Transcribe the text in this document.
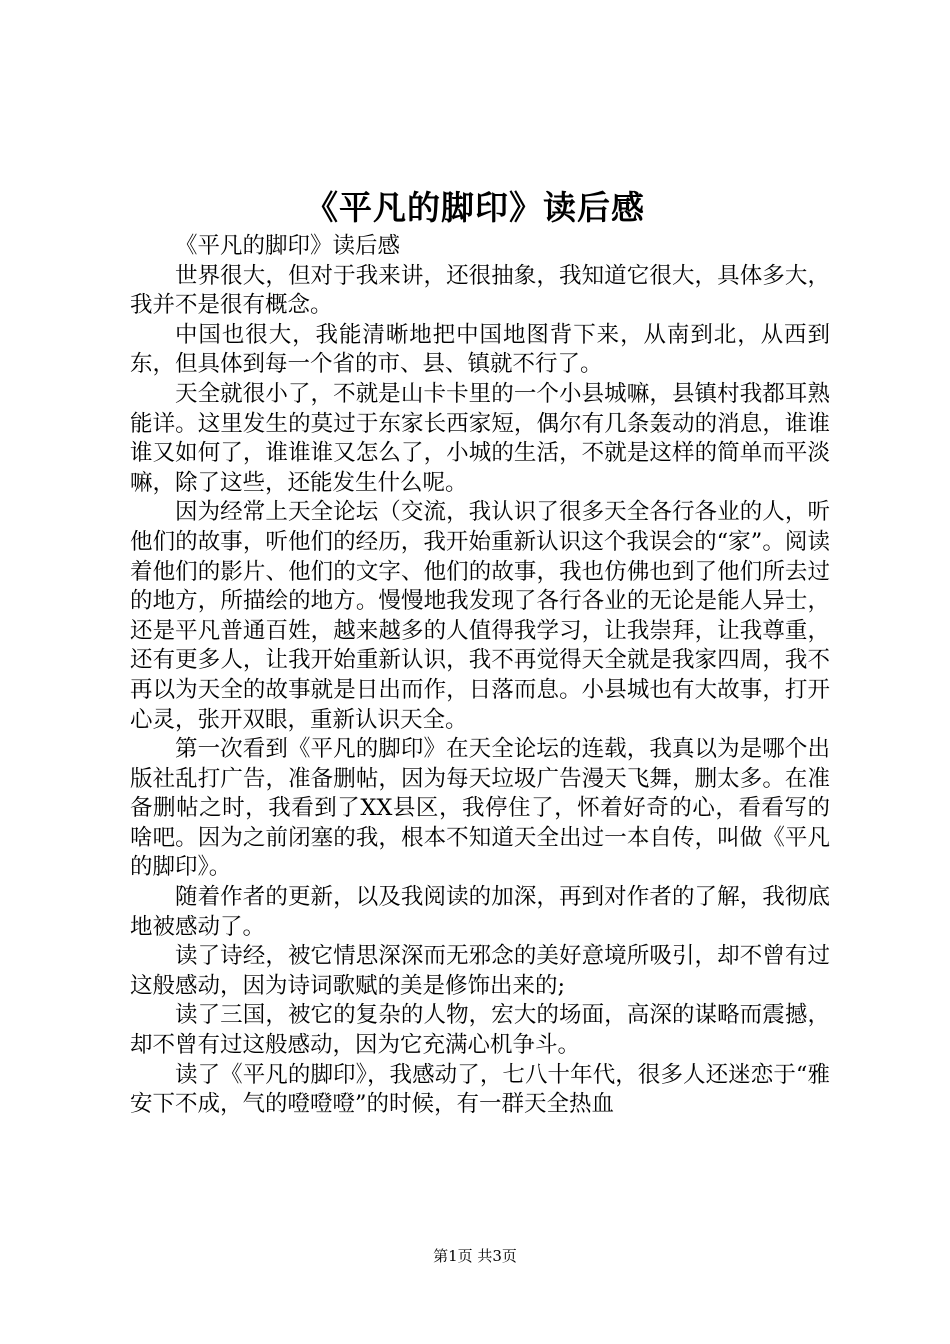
《平凡的脚印》读后感

《平凡的脚印》读后感

世界很大，但对于我来讲，还很抽象，我知道它很大，具体多大，我并不是很有概念。

中国也很大，我能清晰地把中国地图背下来，从南到北，从西到东，但具体到每一个省的市、县、镇就不行了。

天全就很小了，不就是山卡卡里的一个小县城嘛，县镇村我都耳熟能详。这里发生的莫过于东家长西家短，偶尔有几条轰动的消息，谁谁谁又如何了，谁谁谁又怎么了，小城的生活，不就是这样的简单而平淡嘛，除了这些，还能发生什么呢。

因为经常上天全论坛（交流，我认识了很多天全各行各业的人，听他们的故事，听他们的经历，我开始重新认识这个我误会的“家”。阅读着他们的影片、他们的文字、他们的故事，我也仿佛也到了他们所去过的地方，所描绘的地方。慢慢地我发现了各行各业的无论是能人异士，还是平凡普通百姓，越来越多的人值得我学习，让我崇拜，让我尊重，还有更多人，让我开始重新认识，我不再觉得天全就是我家四周，我不再以为天全的故事就是日出而作，日落而息。小县城也有大故事，打开心灵，张开双眼，重新认识天全。

第一次看到《平凡的脚印》在天全论坛的连载，我真以为是哪个出版社乱打广告，准备删帖，因为每天垃圾广告漫天飞舞，删太多。在准备删帖之时，我看到了XX县区，我停住了，怀着好奇的心，看看写的啥吧。因为之前闭塞的我，根本不知道天全出过一本自传，叫做《平凡的脚印》。

随着作者的更新，以及我阅读的加深，再到对作者的了解，我彻底地被感动了。

读了诗经，被它情思深深而无邪念的美好意境所吸引，却不曾有过这般感动，因为诗词歌赋的美是修饰出来的;

读了三国，被它的复杂的人物，宏大的场面，高深的谋略而震撼，却不曾有过这般感动，因为它充满心机争斗。

读了《平凡的脚印》，我感动了，七八十年代，很多人还迷恋于“雅安下不成，气的噔噔噔”的时候，有一群天全热血

第1页 共3页
